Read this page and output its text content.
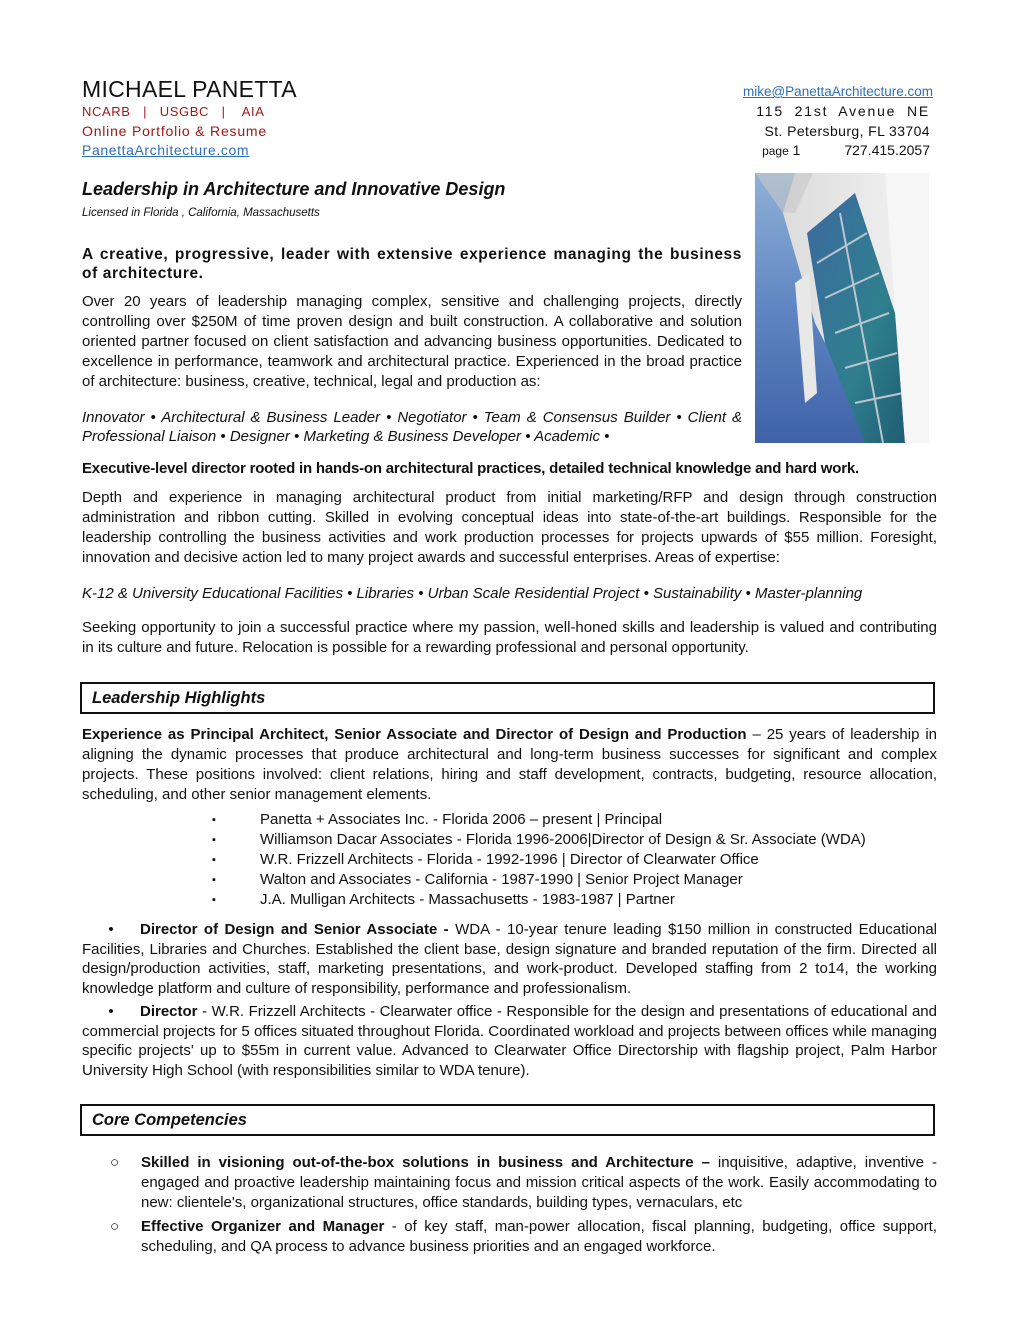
MICHAEL PANETTA
NCARB   |   USGBC   |    AIA
Online Portfolio & Resume
PanettaArchitecture.com
mike@PanettaArchitecture.com
115 21st Avenue NE
St. Petersburg, FL 33704
page 1	727.415.2057
Leadership in Architecture and Innovative Design
Licensed in Florida , California, Massachusetts
A creative, progressive, leader with extensive experience managing the business of architecture.
Over 20 years of leadership managing complex, sensitive and challenging projects, directly controlling over $250M of time proven design and built construction. A collaborative and solution oriented partner focused on client satisfaction and advancing business opportunities. Dedicated to excellence in performance, teamwork and architectural practice. Experienced in the broad practice of architecture: business, creative, technical, legal and production as:
Innovator • Architectural & Business Leader • Negotiator • Team & Consensus Builder • Client & Professional Liaison • Designer • Marketing & Business Developer • Academic •
Executive-level director rooted in hands-on architectural practices, detailed technical knowledge and hard work.
Depth and experience in managing architectural product from initial marketing/RFP and design through construction administration and ribbon cutting. Skilled in evolving conceptual ideas into state-of-the-art buildings. Responsible for the leadership controlling the business activities and work production processes for projects upwards of $55 million. Foresight, innovation and decisive action led to many project awards and successful enterprises. Areas of expertise:
K-12 & University Educational Facilities • Libraries • Urban Scale Residential Project • Sustainability • Master-planning
Seeking opportunity to join a successful practice where my passion, well-honed skills and leadership is valued and contributing in its culture and future. Relocation is possible for a rewarding professional and personal opportunity.
Leadership Highlights
Experience as Principal Architect, Senior Associate and Director of Design and Production – 25 years of leadership in aligning the dynamic processes that produce architectural and long-term business successes for significant and complex projects. These positions involved: client relations, hiring and staff development, contracts, budgeting, resource allocation, scheduling, and other senior management elements.
▪ Panetta + Associates Inc. - Florida 2006 – present | Principal
▪ Williamson Dacar Associates - Florida 1996-2006|Director of Design & Sr. Associate (WDA)
▪ W.R. Frizzell Architects - Florida - 1992-1996 | Director of Clearwater Office
▪ Walton and Associates - California - 1987-1990 | Senior Project Manager
▪ J.A. Mulligan Architects - Massachusetts - 1983-1987 | Partner
• Director of Design and Senior Associate - WDA - 10-year tenure leading $150 million in constructed Educational Facilities, Libraries and Churches. Established the client base, design signature and branded reputation of the firm. Directed all design/production activities, staff, marketing presentations, and work-product. Developed staffing from 2 to14, the working knowledge platform and culture of responsibility, performance and professionalism.
• Director - W.R. Frizzell Architects - Clearwater office - Responsible for the design and presentations of educational and commercial projects for 5 offices situated throughout Florida. Coordinated workload and projects between offices while managing specific projects' up to $55m in current value. Advanced to Clearwater Office Directorship with flagship project, Palm Harbor University High School (with responsibilities similar to WDA tenure).
Core Competencies
○ Skilled in visioning out-of-the-box solutions in business and Architecture – inquisitive, adaptive, inventive - engaged and proactive leadership maintaining focus and mission critical aspects of the work. Easily accommodating to new: clientele's, organizational structures, office standards, building types, vernaculars, etc
○ Effective Organizer and Manager - of key staff, man-power allocation, fiscal planning, budgeting, office support, scheduling, and QA process to advance business priorities and an engaged workforce.
